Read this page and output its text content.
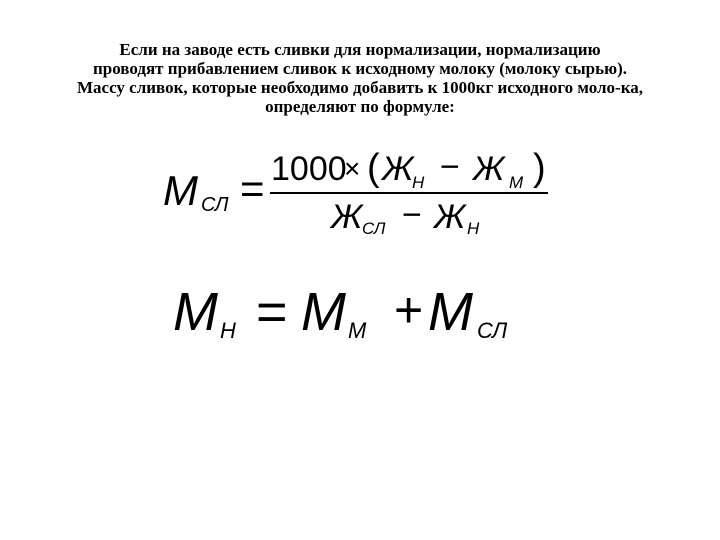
Если на заводе есть сливки для нормализации, нормализацию
проводят прибавлением сливок к исходному молоку (молоку сырью).
Массу сливок, которые необходимо добавить к 1000кг исходного моло-ка,
определяют по формуле:
M СЛ = 1000
× ( Ж
Н − Ж М )
Ж СЛ − Ж Н
M Н = M М + M СЛ
